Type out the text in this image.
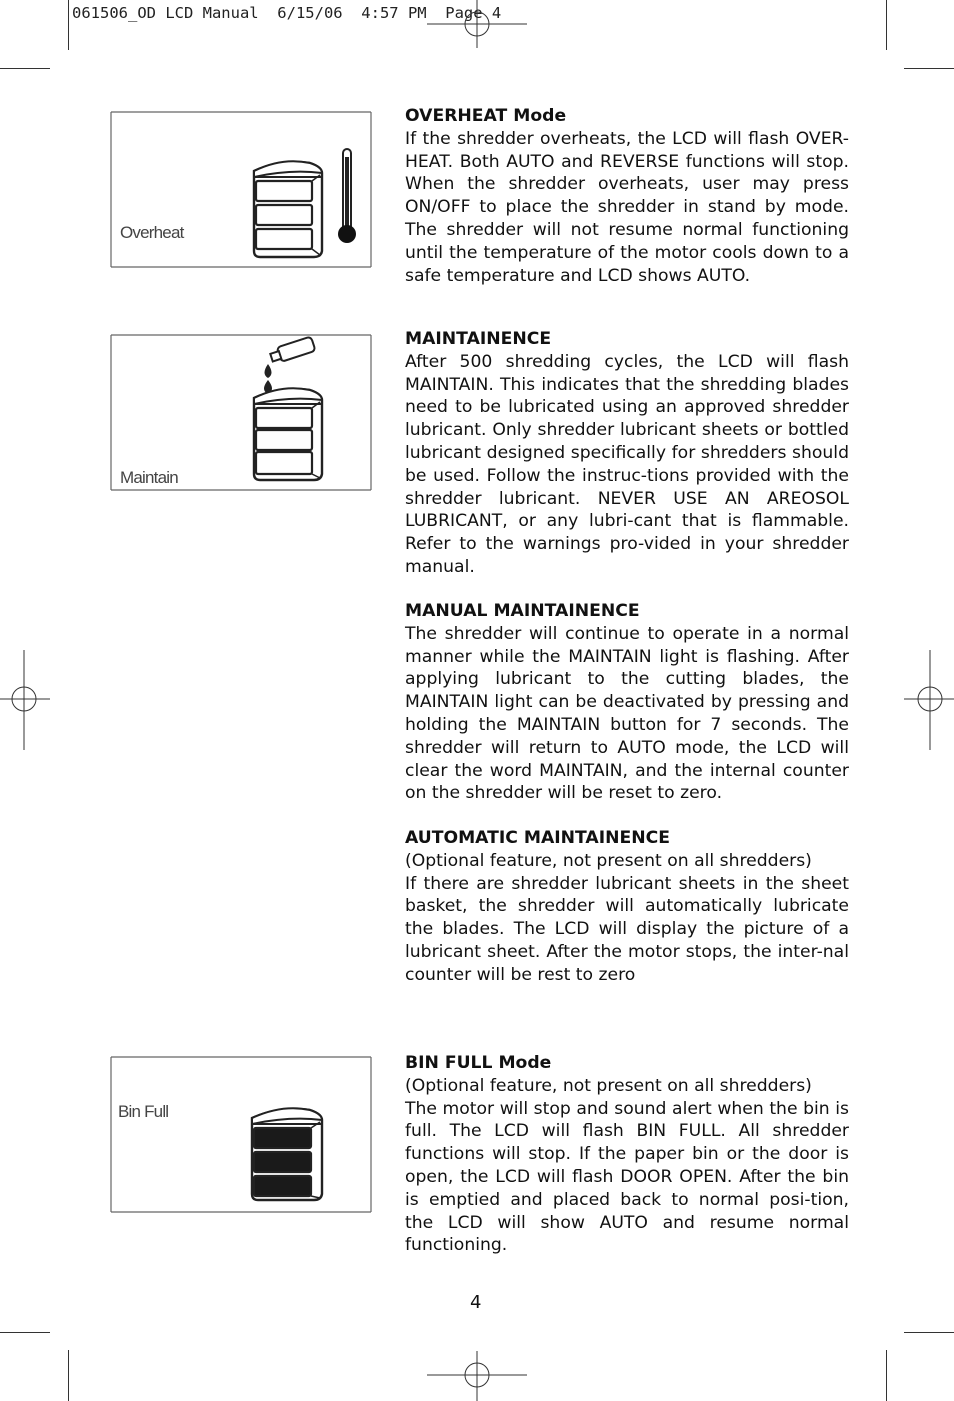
061506_OD LCD Manual  6/15/06  4:57 PM  Page 4
Overheat
Maintain
Bin Full
OVERHEAT Mode

If the shredder overheats, the LCD will flash OVER-HEAT. Both AUTO and REVERSE functions will stop. When the shredder overheats, user may press ON/OFF to place the shredder in stand by mode. The shredder will not resume normal functioning until the temperature of the motor cools down to a safe temperature and LCD shows AUTO.

MAINTAINENCE

After 500 shredding cycles, the LCD will flash MAINTAIN. This indicates that the shredding blades need to be lubricated using an approved shredder lubricant. Only shredder lubricant sheets or bottled lubricant designed specifically for shredders should be used. Follow the instruc-tions provided with the shredder lubricant. NEVER USE AN AREOSOL LUBRICANT, or any lubri-cant that is flammable. Refer to the warnings pro-vided in your shredder manual.

MANUAL MAINTAINENCE

The shredder will continue to operate in a normal manner while the MAINTAIN light is flashing. After applying lubricant to the cutting blades, the MAINTAIN light can be deactivated by pressing and holding the MAINTAIN button for 7 seconds. The shredder will return to AUTO mode, the LCD will clear the word MAINTAIN, and the internal counter on the shredder will be reset to zero.

AUTOMATIC MAINTAINENCE

(Optional feature, not present on all shredders)

If there are shredder lubricant sheets in the sheet basket, the shredder will automatically lubricate the blades. The LCD will display the picture of a lubricant sheet. After the motor stops, the inter-nal counter will be rest to zero

BIN FULL Mode

(Optional feature, not present on all shredders)

The motor will stop and sound alert when the bin is full. The LCD will flash BIN FULL. All shredder functions will stop. If the paper bin or the door is open, the LCD will flash DOOR OPEN. After the bin is emptied and placed back to normal posi-tion, the LCD will show AUTO and resume normal functioning.

4
